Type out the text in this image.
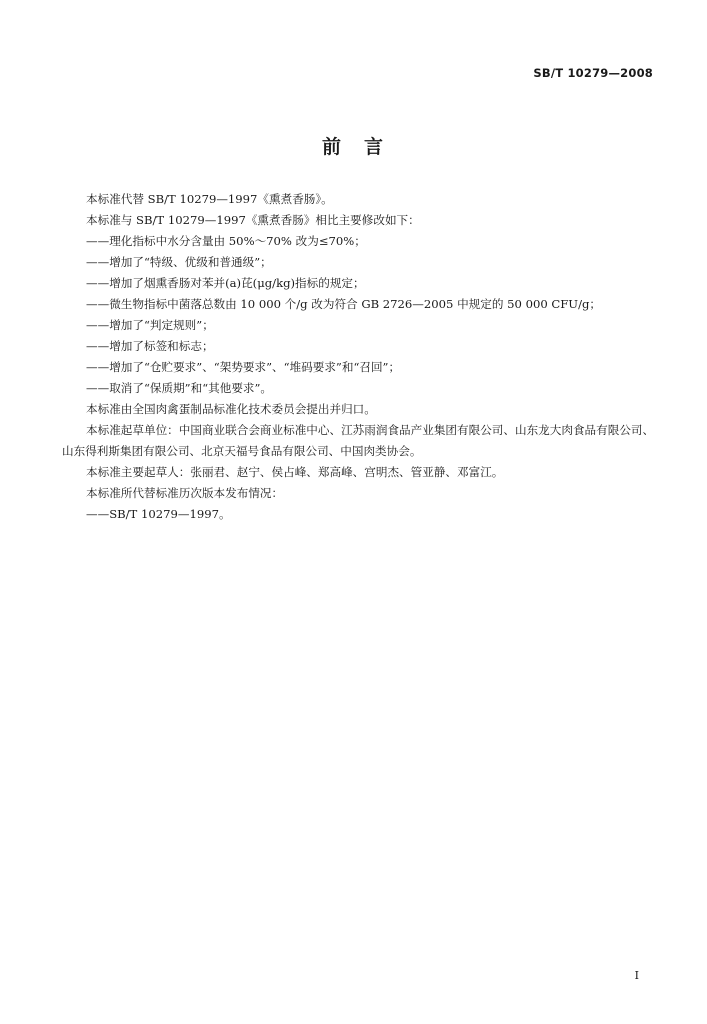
SB/T 10279—2008
前　言

本标准代替 SB/T 10279—1997《熏煮香肠》。

本标准与 SB/T 10279—1997《熏煮香肠》相比主要修改如下：

——理化指标中水分含量由 50%～70% 改为≤70%；

——增加了“特级、优级和普通级”；

——增加了烟熏香肠对苯并(a)芘(μg/kg)指标的规定；

——微生物指标中菌落总数由 10 000 个/g 改为符合 GB 2726—2005 中规定的 50 000 CFU/g；

——增加了“判定规则”；

——增加了标签和标志；

——增加了“仓贮要求”、“架势要求”、“堆码要求”和“召回”；

——取消了“保质期”和“其他要求”。

本标准由全国肉禽蛋制品标准化技术委员会提出并归口。

本标准起草单位：中国商业联合会商业标准中心、江苏雨润食品产业集团有限公司、山东龙大肉食品有限公司、山东得利斯集团有限公司、北京天福号食品有限公司、中国肉类协会。

本标准主要起草人：张丽君、赵宁、侯占峰、郑高峰、宫明杰、管亚静、邓富江。

本标准所代替标准历次版本发布情况：

——SB/T 10279—1997。

I
